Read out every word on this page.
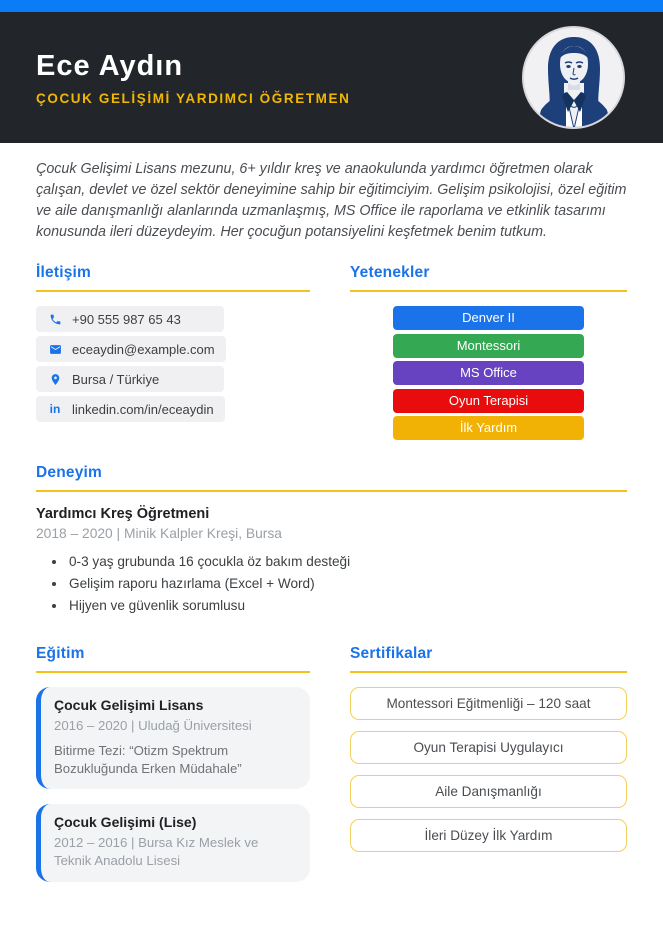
Ece Aydın
ÇOCUK GELİŞİMİ YARDIMCI ÖĞRETMEN

Çocuk Gelişimi Lisans mezunu, 6+ yıldır kreş ve anaokulunda yardımcı öğretmen olarak çalışan, devlet ve özel sektör deneyimine sahip bir eğitimciyim. Gelişim psikolojisi, özel eğitim ve aile danışmanlığı alanlarında uzmanlaşmış, MS Office ile raporlama ve etkinlik tasarımı konusunda ileri düzeydeyim. Her çocuğun potansiyelini keşfetmek benim tutkum.

İletişim
+90 555 987 65 43
eceaydin@example.com
Bursa / Türkiye
in linkedin.com/in/eceaydin
Yetenekler
Denver II
Montessori
MS Office
Oyun Terapisi
İlk Yardım
Deneyim
Yardımcı Kreş Öğretmeni
2018 – 2020 | Minik Kalpler Kreşi, Bursa
• 0-3 yaş grubunda 16 çocukla öz bakım desteği
• Gelişim raporu hazırlama (Excel + Word)
• Hijyen ve güvenlik sorumlusu
Eğitim
Çocuk Gelişimi Lisans
2016 – 2020 | Uludağ Üniversitesi
Bitirme Tezi: “Otizm Spektrum Bozukluğunda Erken Müdahale”
Çocuk Gelişimi (Lise)
2012 – 2016 | Bursa Kız Meslek ve Teknik Anadolu Lisesi
Sertifikalar
Montessori Eğitmenliği – 120 saat
Oyun Terapisi Uygulayıcı
Aile Danışmanlığı
İleri Düzey İlk Yardım
